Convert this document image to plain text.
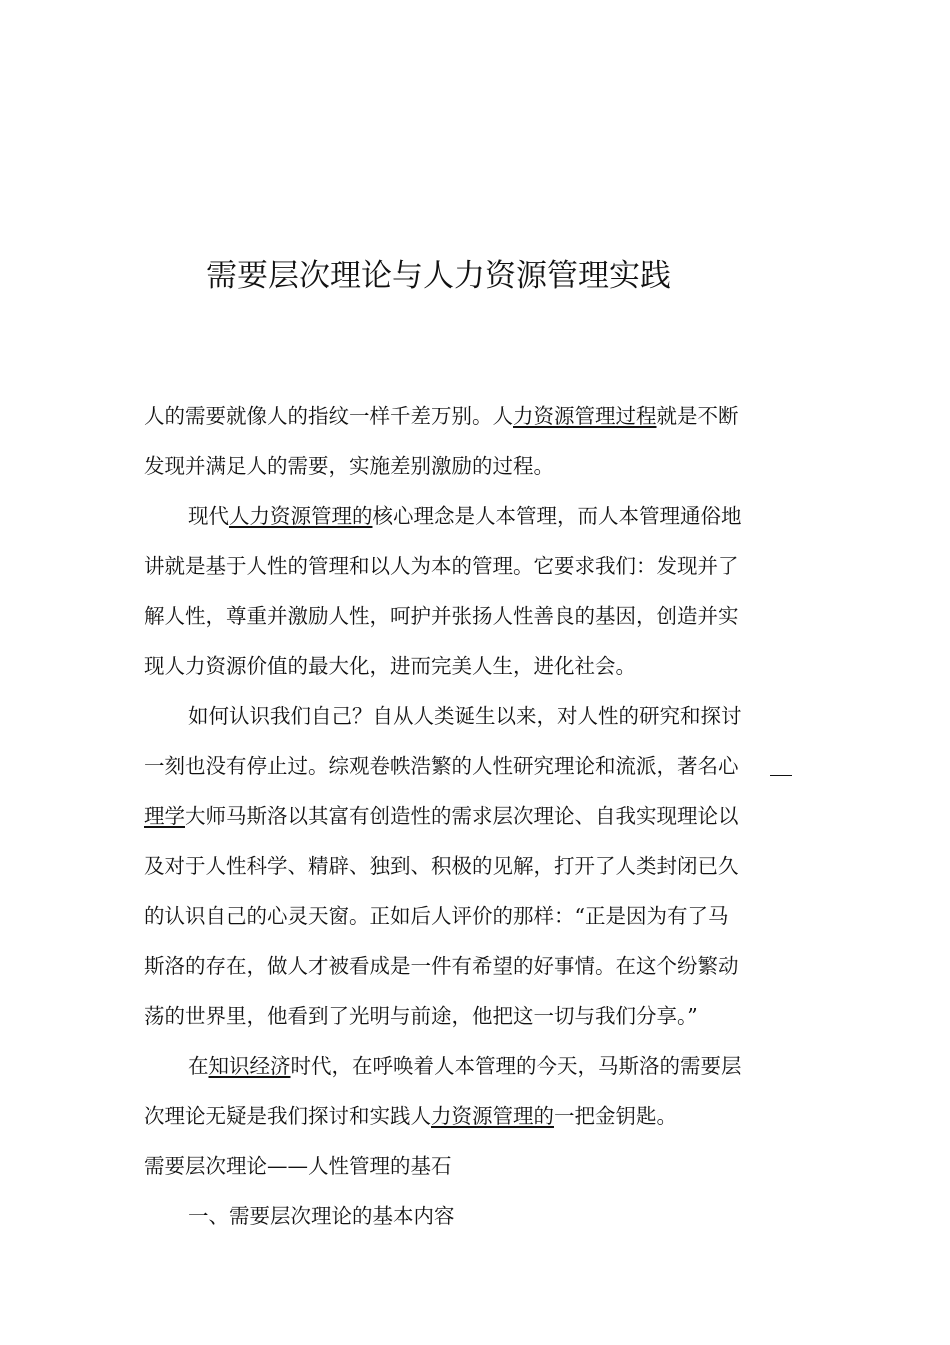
需要层次理论与人力资源管理实践
人的需要就像人的指纹一样千差万别。人力资源管理过程就是不断
发现并满足人的需要，实施差别激励的过程。
现代人力资源管理的核心理念是人本管理，而人本管理通俗地
讲就是基于人性的管理和以人为本的管理。它要求我们：发现并了
解人性，尊重并激励人性，呵护并张扬人性善良的基因，创造并实
现人力资源价值的最大化，进而完美人生，进化社会。
如何认识我们自己？自从人类诞生以来，对人性的研究和探讨
一刻也没有停止过。综观卷帙浩繁的人性研究理论和流派，著名心
理学大师马斯洛以其富有创造性的需求层次理论、自我实现理论以
及对于人性科学、精辟、独到、积极的见解，打开了人类封闭已久
的认识自己的心灵天窗。正如后人评价的那样：“正是因为有了马
斯洛的存在，做人才被看成是一件有希望的好事情。在这个纷繁动
荡的世界里，他看到了光明与前途，他把这一切与我们分享。”
在知识经济时代，在呼唤着人本管理的今天，马斯洛的需要层
次理论无疑是我们探讨和实践人力资源管理的一把金钥匙。
需要层次理论——人性管理的基石
一、需要层次理论的基本内容
